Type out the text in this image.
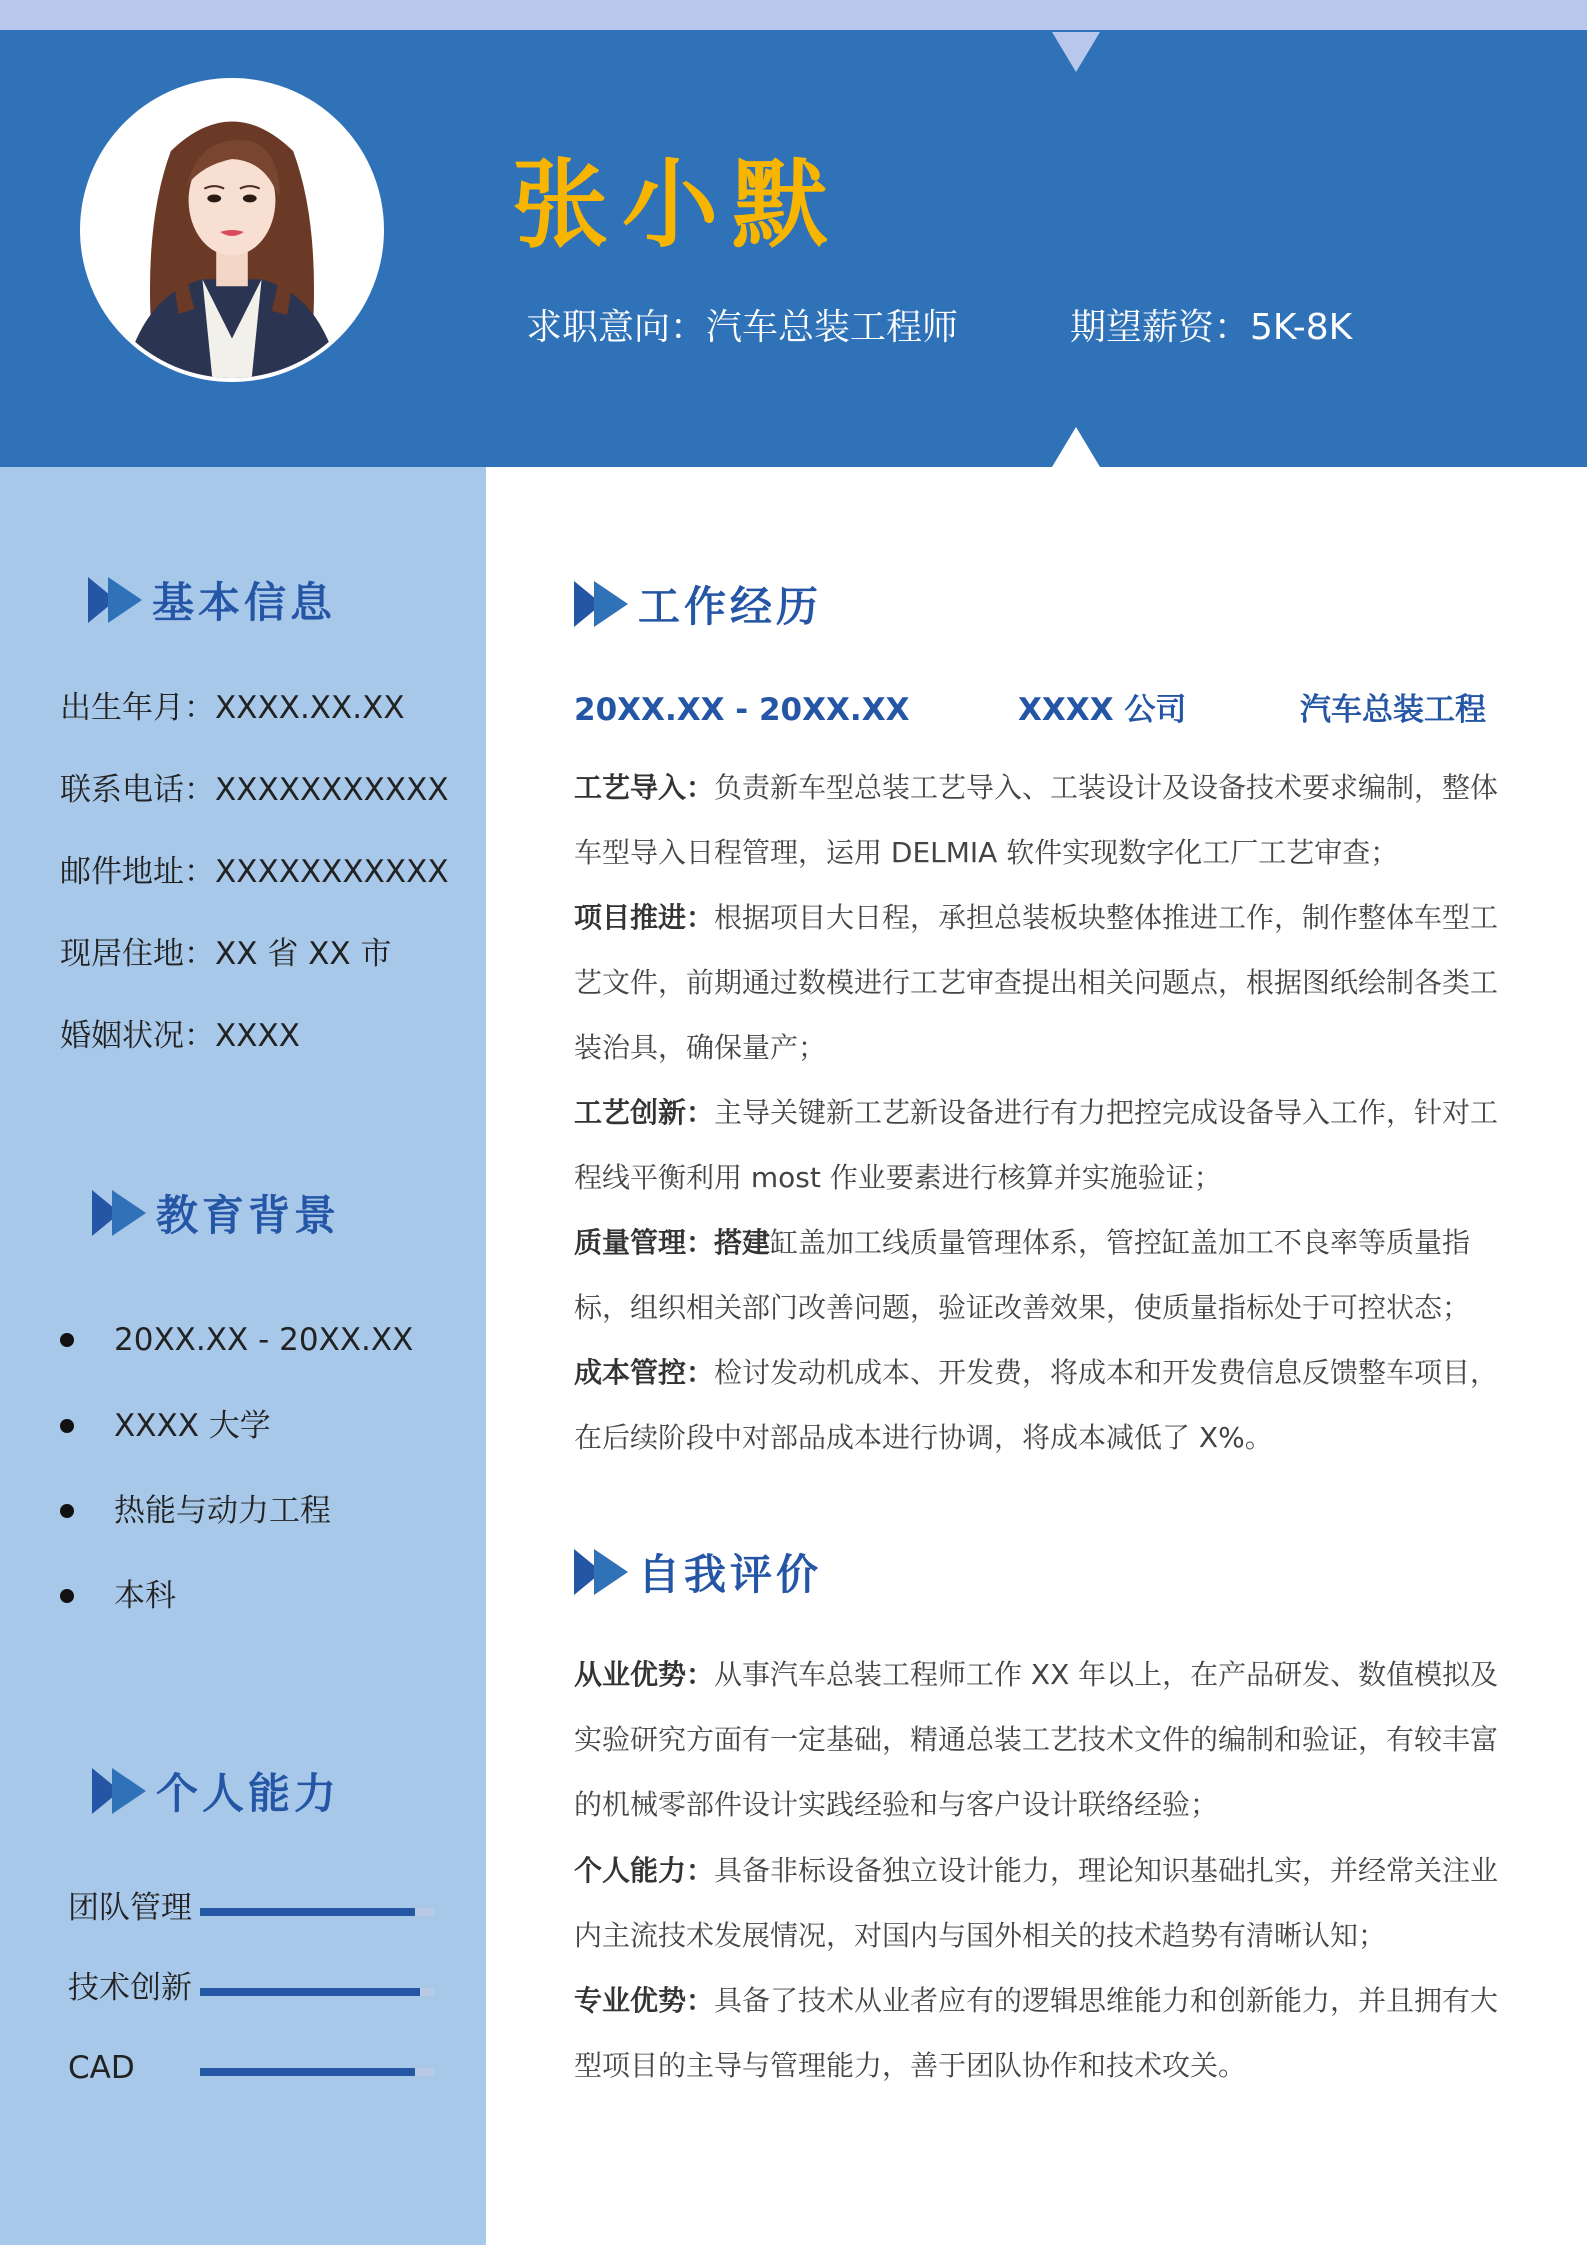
张小默
求职意向：汽车总装工程师	期望薪资：5K-8K
基本信息
出生年月：XXXX.XX.XX
联系电话：XXXXXXXXXXX
邮件地址：XXXXXXXXXXX
现居住地：XX 省 XX 市
婚姻状况：XXXX
教育背景
20XX.XX - 20XX.XX
XXXX 大学
热能与动力工程
本科
个人能力
团队管理
技术创新
CAD
工作经历
20XX.XX - 20XX.XX	XXXX 公司	汽车总装工程
工艺导入：负责新车型总装工艺导入、工装设计及设备技术要求编制，整体车型导入日程管理，运用 DELMIA 软件实现数字化工厂工艺审查；
项目推进：根据项目大日程，承担总装板块整体推进工作，制作整体车型工艺文件，前期通过数模进行工艺审查提出相关问题点，根据图纸绘制各类工装治具，确保量产；
工艺创新：主导关键新工艺新设备进行有力把控完成设备导入工作，针对工程线平衡利用 most 作业要素进行核算并实施验证；
质量管理：搭建缸盖加工线质量管理体系，管控缸盖加工不良率等质量指标，组织相关部门改善问题，验证改善效果，使质量指标处于可控状态；
成本管控：检讨发动机成本、开发费，将成本和开发费信息反馈整车项目，在后续阶段中对部品成本进行协调，将成本减低了 X%。
自我评价
从业优势：从事汽车总装工程师工作 XX 年以上，在产品研发、数值模拟及实验研究方面有一定基础，精通总装工艺技术文件的编制和验证，有较丰富的机械零部件设计实践经验和与客户设计联络经验；
个人能力：具备非标设备独立设计能力，理论知识基础扎实，并经常关注业内主流技术发展情况，对国内与国外相关的技术趋势有清晰认知；
专业优势：具备了技术从业者应有的逻辑思维能力和创新能力，并且拥有大型项目的主导与管理能力，善于团队协作和技术攻关。
